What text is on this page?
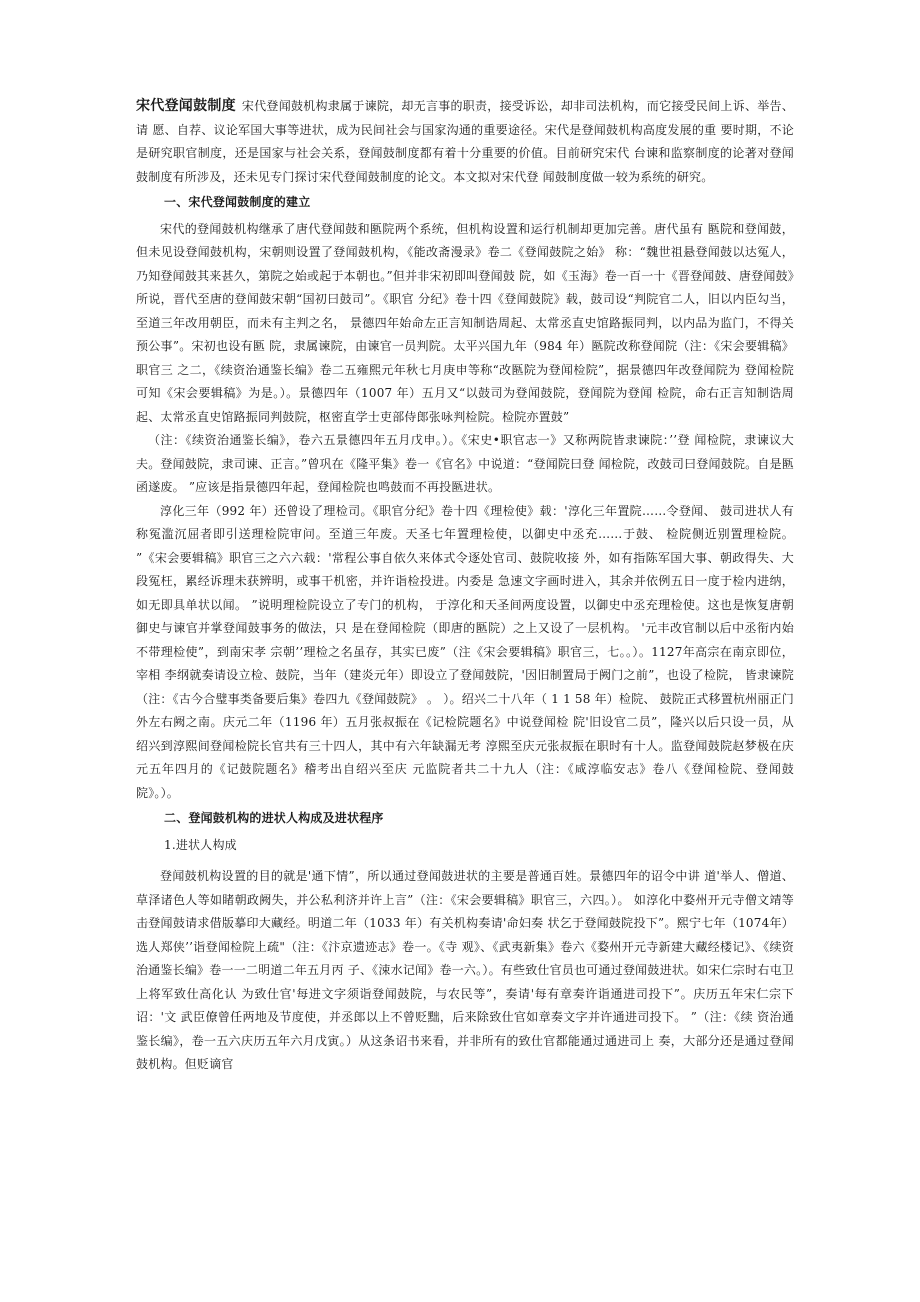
宋代登闻鼓制度 宋代登闻鼓机构隶属于谏院，却无言事的职责，接受诉讼，却非司法机构，而它接受民间上诉、举告、请 愿、自荐、议论军国大事等进状，成为民间社会与国家沟通的重要途径。宋代是登闻鼓机构高度发展的重 要时期，不论是研究职官制度，还是国家与社会关系，登闻鼓制度都有着十分重要的价值。目前研究宋代 台谏和监察制度的论著对登闻鼓制度有所涉及，还未见专门探讨宋代登闻鼓制度的论文。本文拟对宋代登 闻鼓制度做一较为系统的研究。

一、宋代登闻鼓制度的建立

宋代的登闻鼓机构继承了唐代登闻鼓和匦院两个系统，但机构设置和运行机制却更加完善。唐代虽有 匦院和登闻鼓，但未见设登闻鼓机构，宋朝则设置了登闻鼓机构，《能改斋漫录》卷二《登闻鼓院之始》 称：“魏世祖悬登闻鼓以达冤人，乃知登闻鼓其来甚久，第院之始或起于本朝也。”但并非宋初即叫登闻鼓 院，如《玉海》卷一百一十《晋登闻鼓、唐登闻鼓》所说，晋代至唐的登闻鼓宋朝“国初曰鼓司”。《职官 分纪》卷十四《登闻鼓院》载，鼓司设“判院官二人，旧以内臣勾当，至道三年改用朝臣，而未有主判之名， 景德四年始命左正言知制诰周起、太常丞直史馆路振同判，以内品为监门，不得关预公事”。宋初也设有匦 院，隶属谏院，由谏官一员判院。太平兴国九年（984 年）匦院改称登闻院（注：《宋会要辑稿》职官三 之二，《续资治通鉴长编》卷二五雍熙元年秋七月庚申等称“改匦院为登闻检院”，据景德四年改登闻院为 登闻检院可知《宋会要辑稿》为是。）。景德四年（1007 年）五月又“以鼓司为登闻鼓院，登闻院为登闻 检院，命右正言知制诰周起、太常丞直史馆路振同判鼓院，枢密直学士吏部侍郎张咏判检院。检院亦置鼓”

（注：《续资治通鉴长编》，卷六五景德四年五月戊申。）。《宋史•职官志一》又称两院皆隶谏院：’’登 闻检院，隶谏议大夫。登闻鼓院，隶司谏、正言。”曾巩在《隆平集》卷一《官名》中说道：“登闻院曰登 闻检院，改鼓司曰登闻鼓院。自是匦函遂废。 ”应该是指景德四年起，登闻检院也鸣鼓而不再投匦进状。

淳化三年（992 年）还曾设了理检司。《职官分纪》卷十四《理检使》载：'淳化三年置院……令登闻、 鼓司进状人有称冤滥沉屈者即引送理检院审问。至道三年废。天圣七年置理检使，以御史中丞充……于鼓、 检院侧近别置理检院。 ”《宋会要辑稿》职官三之六六载：'常程公事自依久来体式令逐处官司、鼓院收接 外，如有指陈军国大事、朝政得失、大段冤枉，累经诉理未获辨明，或事干机密，并许诣检投进。内委是 急速文字画时进入，其余并依例五日一度于检内进纳，如无即具单状以闻。 ”说明理检院设立了专门的机构， 于淳化和天圣间两度设置，以御史中丞充理检使。这也是恢复唐朝御史与谏官并掌登闻鼓事务的做法，只 是在登闻检院（即唐的匦院）之上又设了一层机构。 '元丰改官制以后中丞衔内始不带理检使”，到南宋孝 宗朝’’理检之名虽存，其实已废”（注《宋会要辑稿》职官三，七。。）。1127年高宗在南京即位，宰相 李纲就奏请设立检、鼓院，当年（建炎元年）即设立了登闻鼓院，'因旧制置局于阙门之前”，也设了检院， 皆隶谏院（注：《古今合璧事类备要后集》卷四九《登闻鼓院》 。 ）。绍兴二十八年（ 1 1 58 年）检院、 鼓院正式移置杭州丽正门外左右阙之南。庆元二年（1196 年）五月张叔振在《记检院题名》中说登闻检 院'旧设官二员”，隆兴以后只设一员，从绍兴到淳熙间登闻检院长官共有三十四人，其中有六年缺漏无考 淳熙至庆元张叔振在职时有十人。监登闻鼓院赵梦极在庆元五年四月的《记鼓院题名》稽考出自绍兴至庆 元监院者共二十九人（注：《咸淳临安志》卷八《登闻检院、登闻鼓院》。）。

二、登闻鼓机构的进状人构成及进状程序

1.进状人构成

登闻鼓机构设置的目的就是'通下情”，所以通过登闻鼓进状的主要是普通百姓。景德四年的诏令中讲 道'举人、僧道、草泽诸色人等如睹朝政阙失，并公私利济并许上言”（注：《宋会要辑稿》职官三，六四。）。 如淳化中婺州开元寺僧文靖等击登闻鼓请求借版摹印大藏经。明道二年（1033 年）有关机构奏请'命妇奏 状乞于登闻鼓院投下”。熙宁七年（1074年）选人郑侠’’诣登闻检院上疏"（注：《汴京遗迹志》卷一。《寺 观》、《武夷新集》卷六《婺州开元寺新建大藏经楼记》、《续资治通鉴长编》卷一一二明道二年五月丙 子、《涑水记闻》卷一六。）。有些致仕官员也可通过登闻鼓进状。如宋仁宗时右屯卫上将军致仕高化认 为致仕官'每进文字须诣登闻鼓院，与农民等”，奏请'每有章奏许诣通进司投下”。庆历五年宋仁宗下诏：'文 武臣僚曾任两地及节度使，并丞郎以上不曾贬黜，后来除致仕官如章奏文字并许通进司投下。 ”（注：《续 资治通鉴长编》，卷一五六庆历五年六月戊寅。）从这条诏书来看，并非所有的致仕官都能通过通进司上 奏，大部分还是通过登闻鼓机构。但贬谪官
